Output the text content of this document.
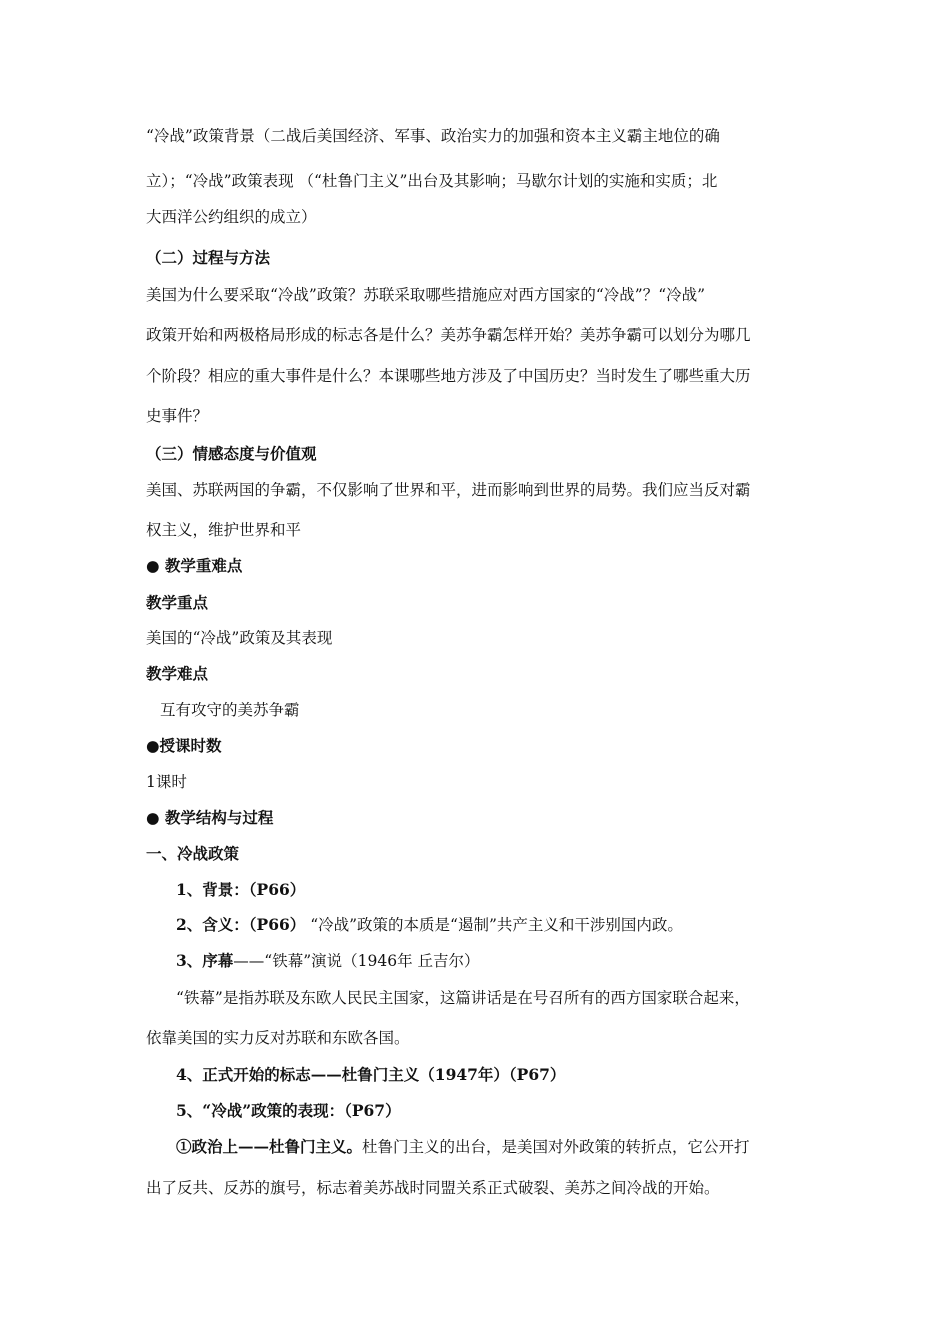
“冷战”政策背景（二战后美国经济、军事、政治实力的加强和资本主义霸主地位的确
立）；“冷战”政策表现 （“杜鲁门主义”出台及其影响；马歇尔计划的实施和实质；北
大西洋公约组织的成立）
（二）过程与方法
美国为什么要采取“冷战”政策？苏联采取哪些措施应对西方国家的“冷战”？“冷战”
政策开始和两极格局形成的标志各是什么？美苏争霸怎样开始？美苏争霸可以划分为哪几
个阶段？相应的重大事件是什么？本课哪些地方涉及了中国历史？当时发生了哪些重大历
史事件？
（三）情感态度与价值观
美国、苏联两国的争霸，不仅影响了世界和平，进而影响到世界的局势。我们应当反对霸
权主义，维护世界和平
● 教学重难点
教学重点
美国的“冷战”政策及其表现
教学难点
互有攻守的美苏争霸
●授课时数
1课时
● 教学结构与过程
一、冷战政策
1、背景：（P66）
2、含义：（P66） “冷战”政策的本质是“遏制”共产主义和干涉别国内政。
3、序幕——“铁幕”演说（1946年 丘吉尔）
“铁幕”是指苏联及东欧人民民主国家，这篇讲话是在号召所有的西方国家联合起来，
依靠美国的实力反对苏联和东欧各国。
4、正式开始的标志——杜鲁门主义（1947年）（P67）
5、“冷战”政策的表现：（P67）
①政治上——杜鲁门主义。杜鲁门主义的出台，是美国对外政策的转折点，它公开打
出了反共、反苏的旗号，标志着美苏战时同盟关系正式破裂、美苏之间冷战的开始。
